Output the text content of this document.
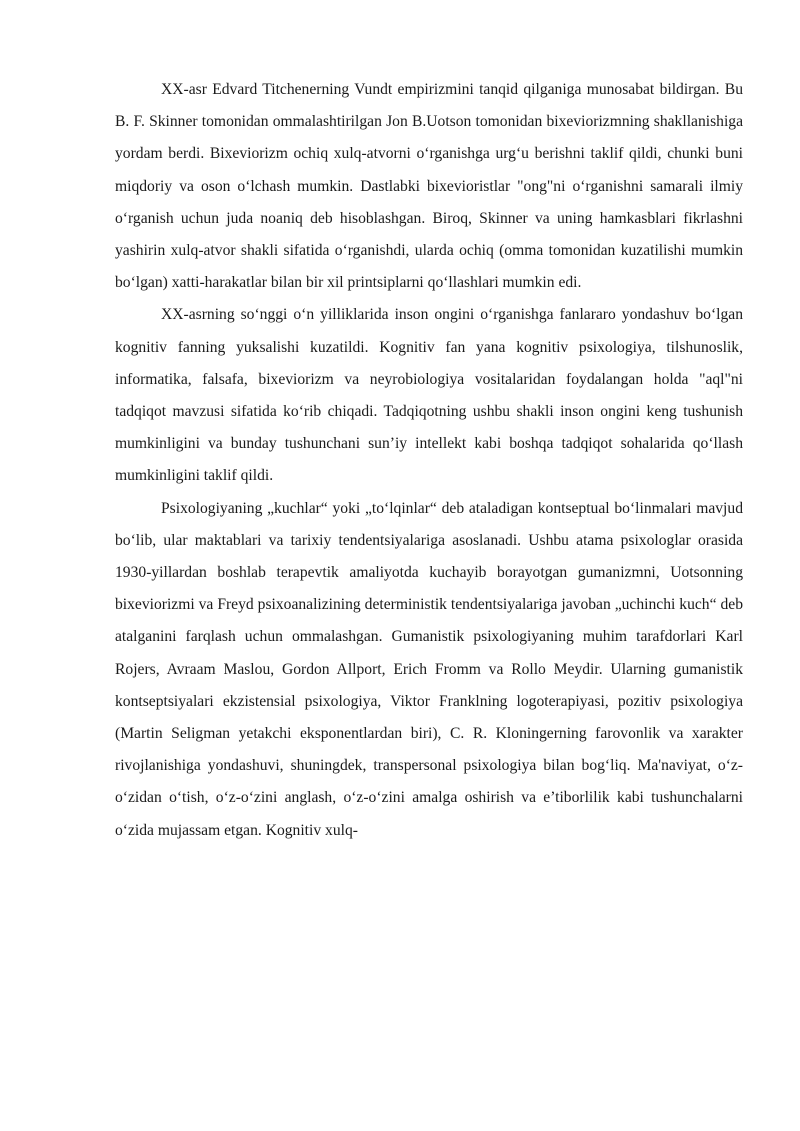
XX-asr Edvard Titchenerning Vundt empirizmini tanqid qilganiga munosabat bildirgan. Bu B. F. Skinner tomonidan ommalashtirilgan Jon B.Uotson tomonidan bixeviorizmning shakllanishiga yordam berdi. Bixeviorizm ochiq xulq-atvorni o‘rganishga urg‘u berishni taklif qildi, chunki buni miqdoriy va oson o‘lchash mumkin. Dastlabki bixevioristlar "ong"ni o‘rganishni samarali ilmiy o‘rganish uchun juda noaniq deb hisoblashgan. Biroq, Skinner va uning hamkasblari fikrlashni yashirin xulq-atvor shakli sifatida o‘rganishdi, ularda ochiq (omma tomonidan kuzatilishi mumkin bo‘lgan) xatti-harakatlar bilan bir xil printsiplarni qo‘llashlari mumkin edi.

XX-asrning so‘nggi o‘n yilliklarida inson ongini o‘rganishga fanlararo yondashuv bo‘lgan kognitiv fanning yuksalishi kuzatildi. Kognitiv fan yana kognitiv psixologiya, tilshunoslik, informatika, falsafa, bixeviorizm va neyrobiologiya vositalaridan foydalangan holda "aql"ni tadqiqot mavzusi sifatida ko‘rib chiqadi. Tadqiqotning ushbu shakli inson ongini keng tushunish mumkinligini va bunday tushunchani sun’iy intellekt kabi boshqa tadqiqot sohalarida qo‘llash mumkinligini taklif qildi.

Psixologiyaning „kuchlar“ yoki „to‘lqinlar“ deb ataladigan kontseptual bo‘linmalari mavjud bo‘lib, ular maktablari va tarixiy tendentsiyalariga asoslanadi. Ushbu atama psixologlar orasida 1930-yillardan boshlab terapevtik amaliyotda kuchayib borayotgan gumanizmni, Uotsonning bixeviorizmi va Freyd psixoanalizining deterministik tendentsiyalariga javoban „uchinchi kuch“ deb atalganini farqlash uchun ommalashgan. Gumanistik psixologiyaning muhim tarafdorlari Karl Rojers, Avraam Maslou, Gordon Allport, Erich Fromm va Rollo Meydir. Ularning gumanistik kontseptsiyalari ekzistensial psixologiya, Viktor Franklning logoterapiyasi, pozitiv psixologiya (Martin Seligman yetakchi eksponentlardan biri), C. R. Kloningerning farovonlik va xarakter rivojlanishiga yondashuvi, shuningdek, transpersonal psixologiya bilan bog‘liq. Ma'naviyat, o‘z-o‘zidan o‘tish, o‘z-o‘zini anglash, o‘z-o‘zini amalga oshirish va e’tiborlilik kabi tushunchalarni o‘zida mujassam etgan. Kognitiv xulq-
